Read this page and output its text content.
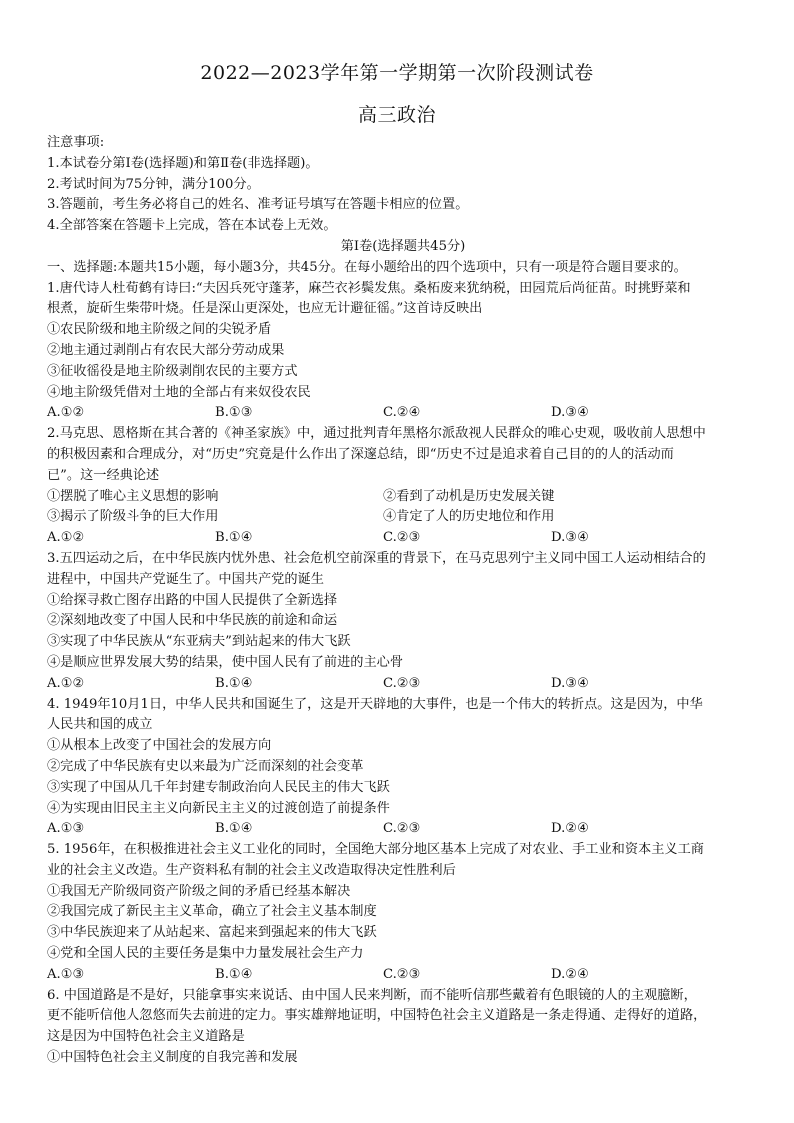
2022—2023学年第一学期第一次阶段测试卷
高三政治
注意事项:
1.本试卷分第Ⅰ卷(选择题)和第Ⅱ卷(非选择题)。
2.考试时间为75分钟，满分100分。
3.答题前，考生务必将自己的姓名、准考证号填写在答题卡相应的位置。
4.全部答案在答题卡上完成，答在本试卷上无效。
第Ⅰ卷(选择题共45分)
一、选择题:本题共15小题，每小题3分，共45分。在每小题给出的四个选项中，只有一项是符合题目要求的。
1.唐代诗人杜荀鹤有诗曰:“夫因兵死守蓬茅，麻苎衣衫鬓发焦。桑柘废来犹纳税，田园荒后尚征苗。时挑野菜和
根煮，旋斫生柴带叶烧。任是深山更深处，也应无计避征徭。”这首诗反映出
①农民阶级和地主阶级之间的尖锐矛盾
②地主通过剥削占有农民大部分劳动成果
③征收徭役是地主阶级剥削农民的主要方式
④地主阶级凭借对土地的全部占有来奴役农民
A.①②	B.①③	C.②④	D.③④
2.马克思、恩格斯在其合著的《神圣家族》中，通过批判青年黑格尔派敌视人民群众的唯心史观，吸收前人思想中
的积极因素和合理成分，对“历史”究竟是什么作出了深邃总结，即“历史不过是追求着自己目的的人的活动而
已”。这一经典论述
①摆脱了唯心主义思想的影响	②看到了动机是历史发展关键
③揭示了阶级斗争的巨大作用	④肯定了人的历史地位和作用
A.①②	B.①④	C.②③	D.③④
3.五四运动之后，在中华民族内忧外患、社会危机空前深重的背景下，在马克思列宁主义同中国工人运动相结合的
进程中，中国共产党诞生了。中国共产党的诞生
①给探寻救亡图存出路的中国人民提供了全新选择
②深刻地改变了中国人民和中华民族的前途和命运
③实现了中华民族从“东亚病夫”到站起来的伟大飞跃
④是顺应世界发展大势的结果，使中国人民有了前进的主心骨
A.①②	B.①④	C.②③	D.③④
4. 1949年10月1日，中华人民共和国诞生了，这是开天辟地的大事件，也是一个伟大的转折点。这是因为，中华
人民共和国的成立
①从根本上改变了中国社会的发展方向
②完成了中华民族有史以来最为广泛而深刻的社会变革
③实现了中国从几千年封建专制政治向人民民主的伟大飞跃
④为实现由旧民主主义向新民主主义的过渡创造了前提条件
A.①③	B.①④	C.②③	D.②④
5. 1956年，在积极推进社会主义工业化的同时，全国绝大部分地区基本上完成了对农业、手工业和资本主义工商
业的社会主义改造。生产资料私有制的社会主义改造取得决定性胜利后
①我国无产阶级同资产阶级之间的矛盾已经基本解决
②我国完成了新民主主义革命，确立了社会主义基本制度
③中华民族迎来了从站起来、富起来到强起来的伟大飞跃
④党和全国人民的主要任务是集中力量发展社会生产力
A.①③	B.①④	C.②③	D.②④
6. 中国道路是不是好，只能拿事实来说话、由中国人民来判断，而不能听信那些戴着有色眼镜的人的主观臆断，
更不能听信他人忽悠而失去前进的定力。事实雄辩地证明，中国特色社会主义道路是一条走得通、走得好的道路，
这是因为中国特色社会主义道路是
①中国特色社会主义制度的自我完善和发展
